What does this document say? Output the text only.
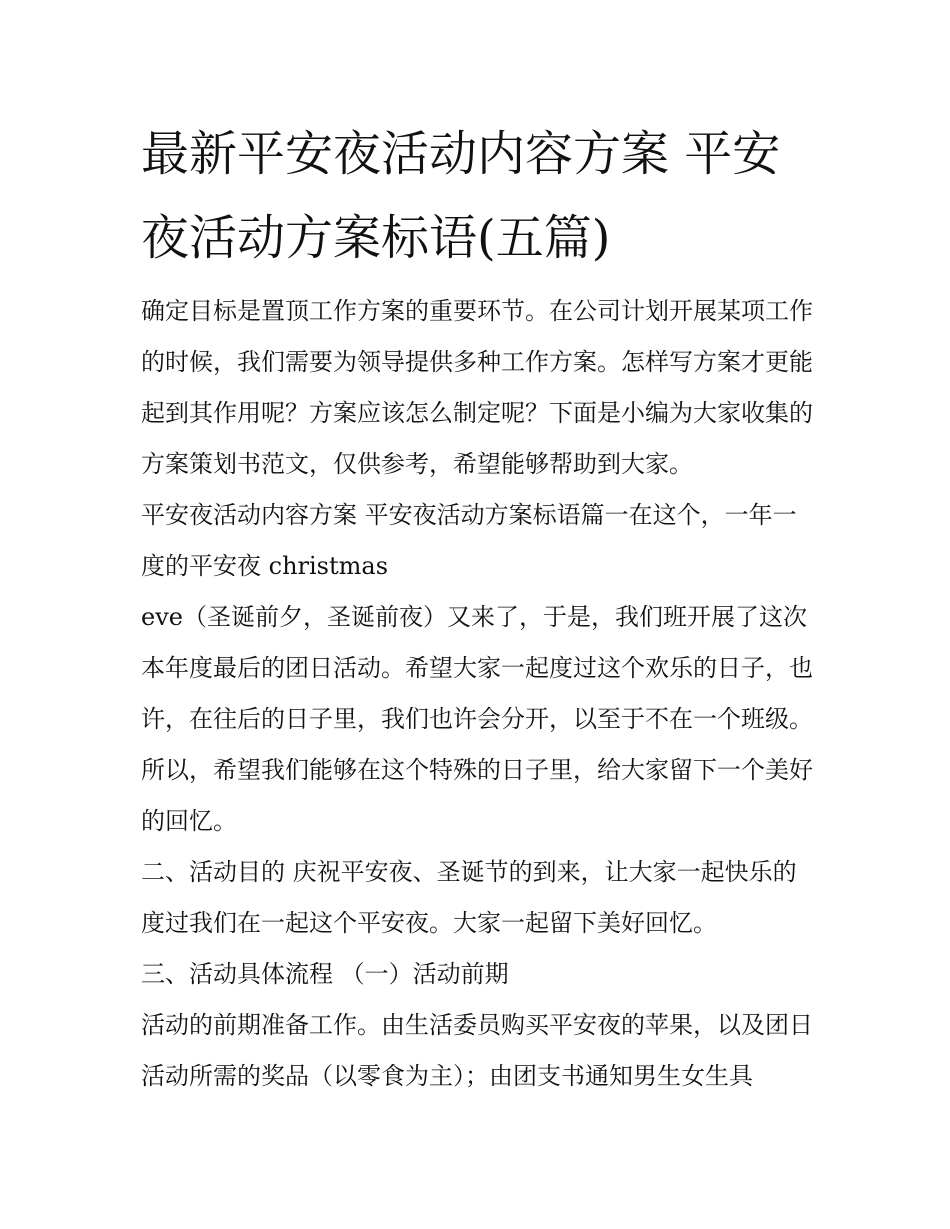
最新平安夜活动内容方案 平安夜活动方案标语(五篇)

确定目标是置顶工作方案的重要环节。在公司计划开展某项工作的时候，我们需要为领导提供多种工作方案。怎样写方案才更能起到其作用呢？方案应该怎么制定呢？下面是小编为大家收集的方案策划书范文，仅供参考，希望能够帮助到大家。

平安夜活动内容方案 平安夜活动方案标语篇一在这个，一年一度的平安夜 christmas

eve（圣诞前夕，圣诞前夜）又来了，于是，我们班开展了这次本年度最后的团日活动。希望大家一起度过这个欢乐的日子，也许，在往后的日子里，我们也许会分开，以至于不在一个班级。所以，希望我们能够在这个特殊的日子里，给大家留下一个美好的回忆。

二、活动目的 庆祝平安夜、圣诞节的到来，让大家一起快乐的度过我们在一起这个平安夜。大家一起留下美好回忆。

三、活动具体流程 （一）活动前期

活动的前期准备工作。由生活委员购买平安夜的苹果，以及团日活动所需的奖品（以零食为主）；由团支书通知男生女生具
